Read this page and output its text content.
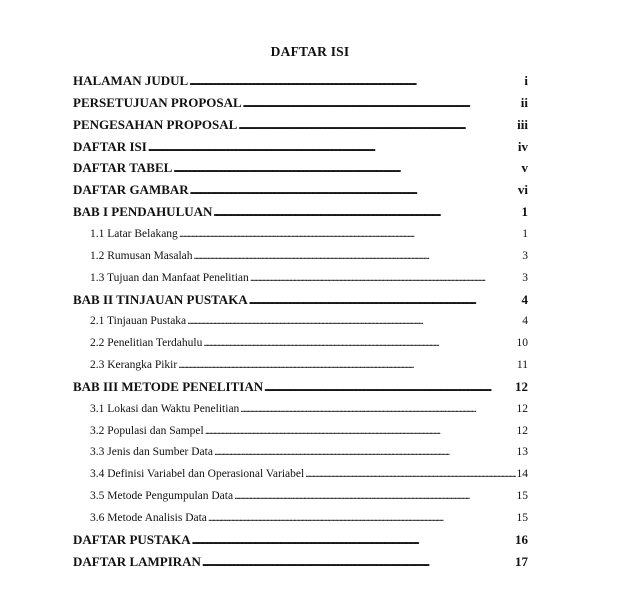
DAFTAR ISI
HALAMAN JUDUL . . .	i
PERSETUJUAN PROPOSAL . . .	ii
PENGESAHAN PROPOSAL . . .	iii
DAFTAR ISI . . .	iv
DAFTAR TABEL . . .	v
DAFTAR GAMBAR . . .	vi
BAB I PENDAHULUAN . . .	1
1.1 Latar Belakang . . .	1
1.2 Rumusan Masalah . . .	3
1.3 Tujuan dan Manfaat Penelitian . . .	3
BAB II TINJAUAN PUSTAKA . . .	4
2.1 Tinjauan Pustaka . . .	4
2.2 Penelitian Terdahulu . . .	10
2.3 Kerangka Pikir . . .	11
BAB III METODE PENELITIAN . . .	12
3.1 Lokasi dan Waktu Penelitian . . .	12
3.2 Populasi dan Sampel . . .	12
3.3 Jenis dan Sumber Data . . .	13
3.4 Definisi Variabel dan Operasional Variabel . . .	14
3.5 Metode Pengumpulan Data . . .	15
3.6 Metode Analisis Data . . .	15
DAFTAR PUSTAKA . . .	16
DAFTAR LAMPIRAN . . .	17
